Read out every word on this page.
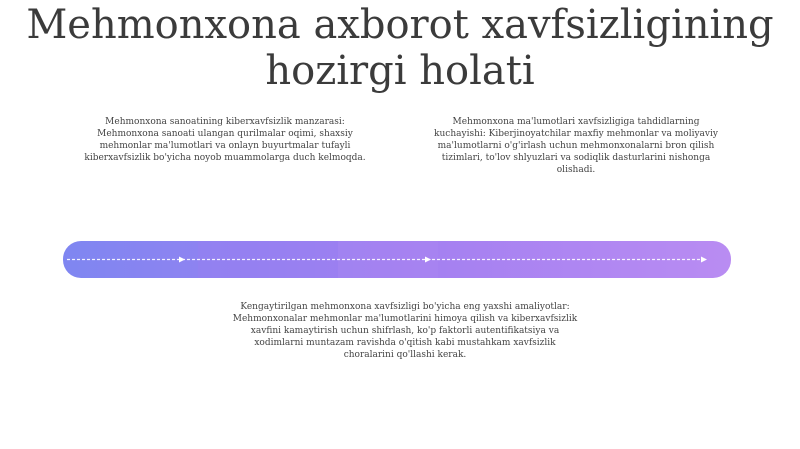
Mehmonxona axborot xavfsizligining hozirgi holati
Mehmonxona sanoatining kiberxavfsizlik manzarasi: Mehmonxona sanoati ulangan qurilmalar oqimi, shaxsiy mehmonlar ma'lumotlari va onlayn buyurtmalar tufayli kiberxavfsizlik bo'yicha noyob muammolarga duch kelmoqda.
Mehmonxona ma'lumotlari xavfsizligiga tahdidlarning kuchayishi: Kiberjinoyatchilar maxfiy mehmonlar va moliyaviy ma'lumotlarni o'g'irlash uchun mehmonxonalarni bron qilish tizimlari, to'lov shlyuzlari va sodiqlik dasturlarini nishonga olishadi.
Kengaytirilgan mehmonxona xavfsizligi bo'yicha eng yaxshi amaliyotlar: Mehmonxonalar mehmonlar ma'lumotlarini himoya qilish va kiberxavfsizlik xavfini kamaytirish uchun shifrlash, ko'p faktorli autentifikatsiya va xodimlarni muntazam ravishda o'qitish kabi mustahkam xavfsizlik choralarini qo'llashi kerak.
